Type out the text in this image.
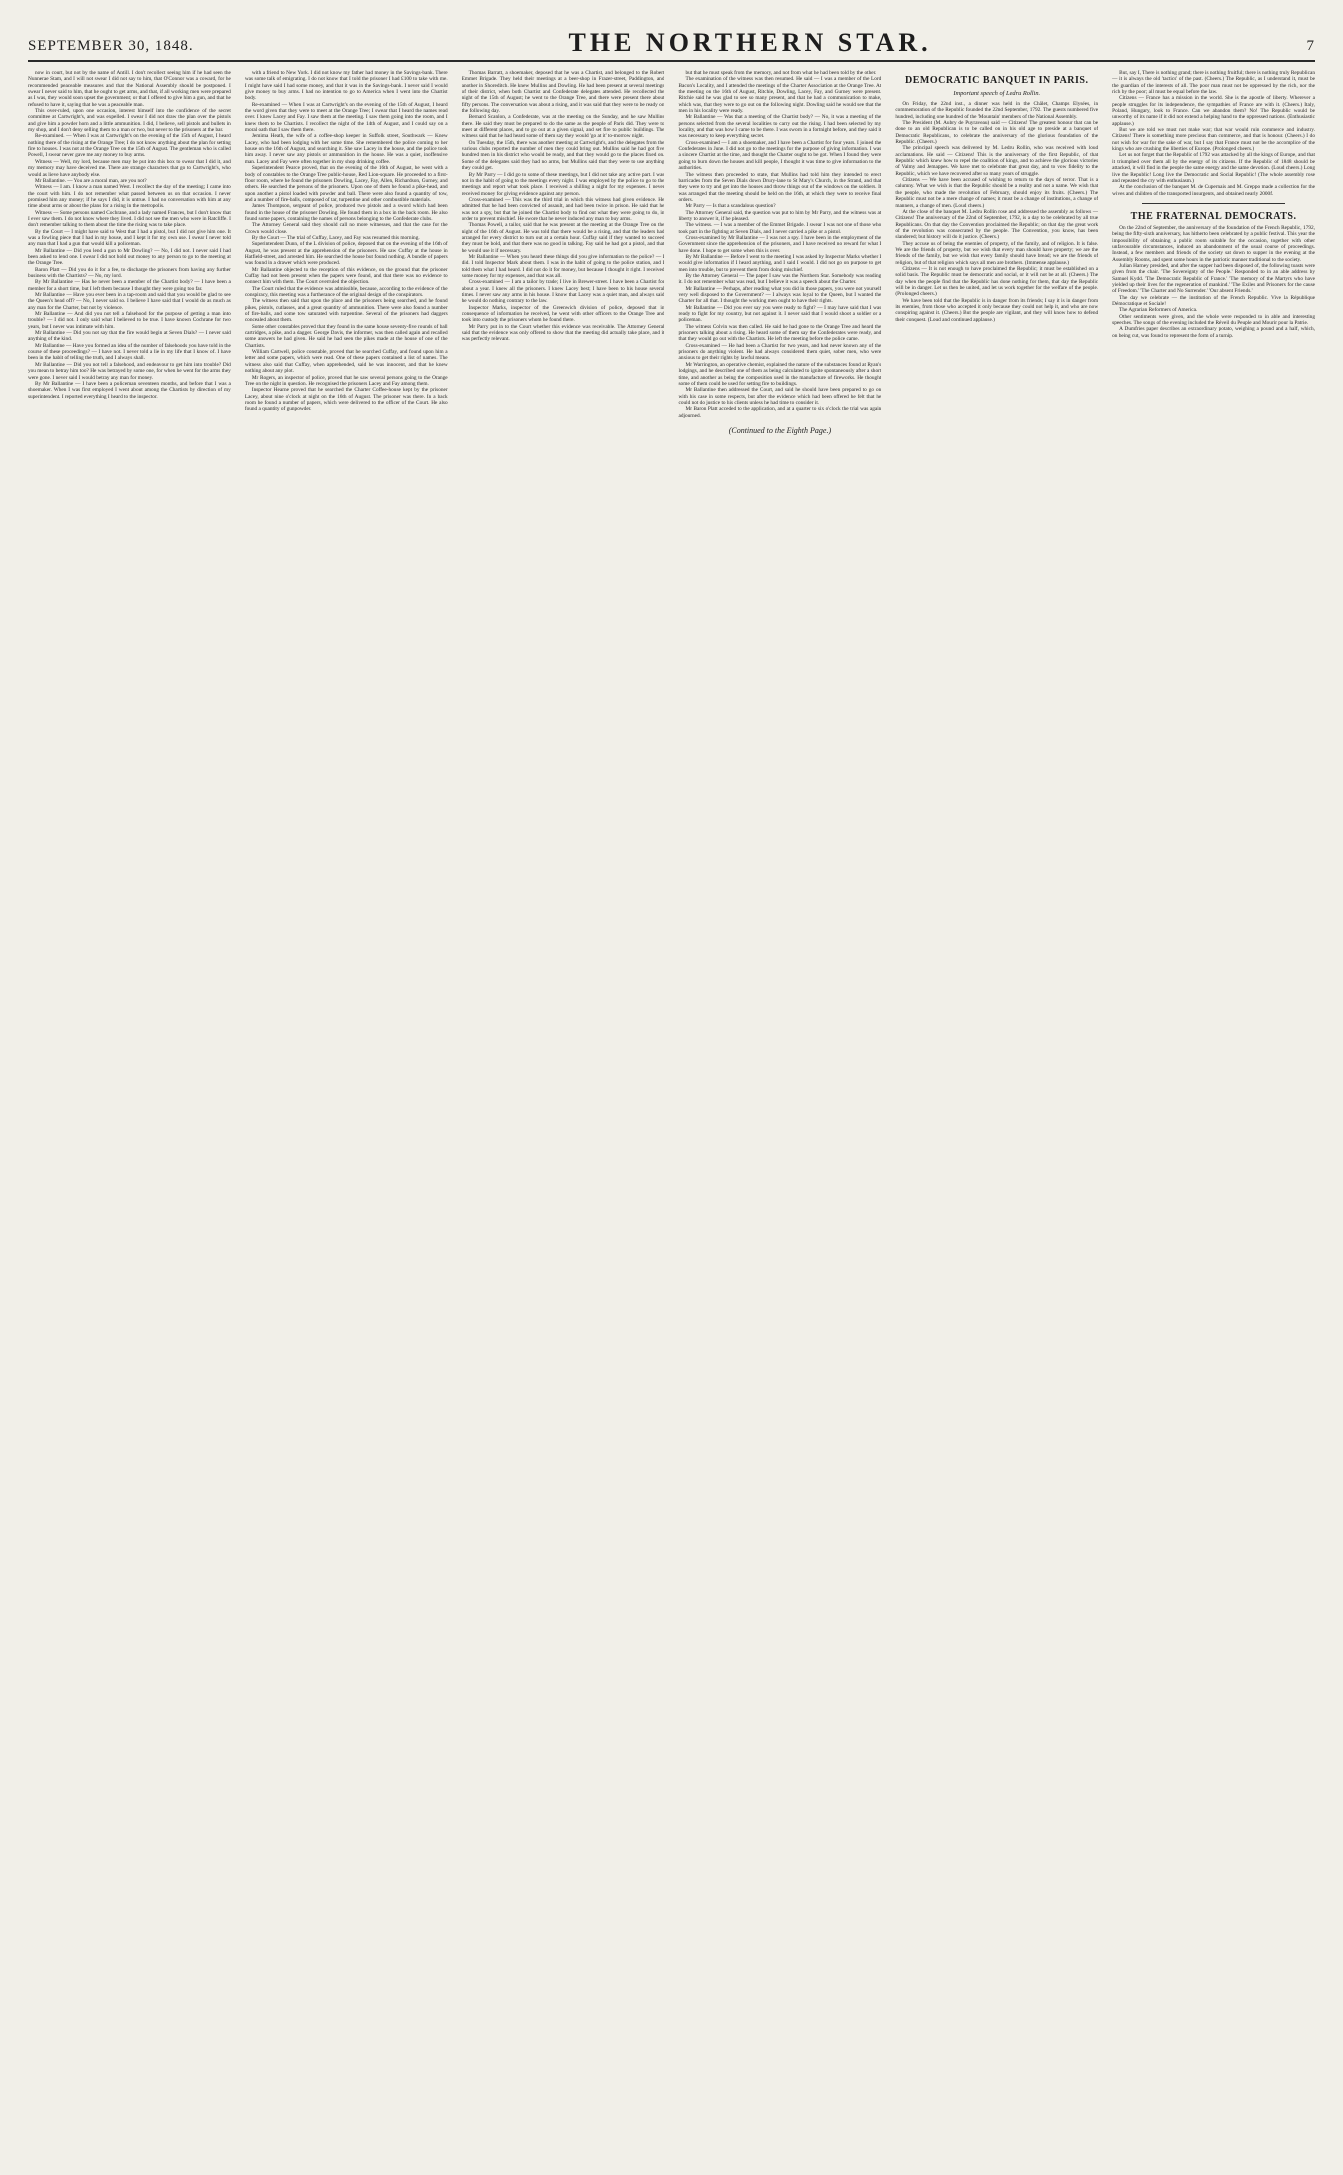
SEPTEMBER 30, 1848.	THE NORTHERN STAR.	7

now in court, but not by the name of Antill. I don't recollect seeing him if he had seen the Nunnerae Stam, and I will not swear I did not say to him, that O'Connor was a coward, for he recommended peaceable measures and that the National Assembly should be postponed. I swear I never said to him, that he ought to get arms, and that, if all working men were prepared as I was, they would soon upset the government; or that I offered to give him a gun, and that he refused to have it, saying that he was a peaceable man.

This over-ruled, upon one occasion, interest himself into the confidence of the secret committee at Cartwright's, and was expelled. I swear I did not draw the plan over the pistols and give him a powder horn and a little ammunition. I did, I believe, sell pistols and bullets in my shop, and I don't deny selling them to a man or two, but never to the prisoners at the bar.

Re-examined. — When I was at Cartwright's on the evening of the 15th of August, I heard nothing there of the rising at the Orange Tree; I do not know anything about the plan for setting fire to houses. I was not at the Orange Tree on the 15th of August. The gentleman who is called Powell, I swear never gave me any money to buy arms.

Witness — Well, my lord, because men may be put into this box to swear that I did it, and my memory may have deceived me. There are strange characters that go to Cartwright's, who would as lieve have anybody else.

Mr Ballantine. — You are a moral man, are you not?

Witness — I am. I know a man named West. I recollect the day of the meeting; I came into the court with him. I do not remember what passed between us on that occasion. I never promised him any money; if he says I did, it is untrue. I had no conversation with him at any time about arms or about the plans for a rising in the metropolis.

Witness — Some persons named Cochrane, and a lady named Frances, but I don't know that I ever saw them. I do not know where they lived. I did not see the men who were in Ratcliffe. I don't remember talking to them about the time the rising was to take place.

By the Court — I might have said to West that I had a pistol, but I did not give him one. It was a fowling piece that I had in my house, and I kept it for my own use. I swear I never told any man that I had a gun that would kill a policeman.

Mr Ballantine — Did you lend a gun to Mr Dowling? — No, I did not. I never said I had been asked to lend one. I swear I did not hold out money to any person to go to the meeting at the Orange Tree.

Baron Platt — Did you do it for a fee, to discharge the prisoners from having any further business with the Chartists? — No, my lord.

By Mr Ballantine — Has he never been a member of the Chartist body? — I have been a member for a short time, but I left them because I thought they were going too far.

Mr Ballantine — Have you ever been in a tap-room and said that you would be glad to see the Queen's head off? — No, I never said so. I believe I have said that I would do as much as any man for the Charter, but not by violence.

Mr Ballantine — And did you not tell a falsehood for the purpose of getting a man into trouble? — I did not. I only said what I believed to be true. I have known Cochrane for two years, but I never was intimate with him.

Mr Ballantine — Did you not say that the fire would begin at Seven Dials? — I never said anything of the kind.

Mr Ballantine — Have you formed an idea of the number of falsehoods you have told in the course of these proceedings? — I have not. I never told a lie in my life that I know of. I have been in the habit of telling the truth, and I always shall.

Mr Ballantine — Did you not tell a falsehood, and endeavour to get him into trouble? Did you mean to betray him too? He was betrayed by some one, for when he went for the arms they were gone. I never said I would betray any man for money.

By Mr Ballantine — I have been a policeman seventeen months, and before that I was a shoemaker. When I was first employed I went about among the Chartists by direction of my superintendent. I reported everything I heard to the inspector.

with a friend to New York. I did not know my father had money in the Savings-bank. There was some talk of emigrating. I do not know that I told the prisoner I had £100 to take with me. I might have said I had some money, and that it was in the Savings-bank. I never said I would give money to buy arms. I had no intention to go to America when I went into the Chartist body.

Re-examined — When I was at Cartwright's on the evening of the 15th of August, I heard the word given that they were to meet at the Orange Tree; I swear that I heard the names read over. I knew Lacey and Fay. I saw them at the meeting. I saw them going into the room, and I knew them to be Chartists. I recollect the night of the 14th of August, and I could say on a moral oath that I saw them there.

Jemima Heath, the wife of a coffee-shop keeper in Suffolk street, Southwark — Knew Lacey, who had been lodging with her some time. She remembered the police coming to her house on the 16th of August, and searching it. She saw Lacey in the house, and the police took him away. I never saw any pistols or ammunition in the house. He was a quiet, inoffensive man. Lacey and Fay were often together in my shop drinking coffee.

Superintendent Pearce proved, that on the evening of the 16th of August, he went with a body of constables to the Orange Tree public-house, Red Lion-square. He proceeded to a first-floor room, where he found the prisoners Dowling, Lacey, Fay, Allen, Richardson, Gurney, and others. He searched the persons of the prisoners. Upon one of them he found a pike-head, and upon another a pistol loaded with powder and ball. There were also found a quantity of tow, and a number of fire-balls, composed of tar, turpentine and other combustible materials.

James Thompson, sergeant of police, produced two pistols and a sword which had been found in the house of the prisoner Dowling. He found them in a box in the back room. He also found some papers, containing the names of persons belonging to the Confederate clubs.

The Attorney General said they should call no more witnesses, and that the case for the Crown would close.

By the Court — The trial of Cuffay, Lacey, and Fay was resumed this morning.

Superintendent Dunn, of the L division of police, deposed that on the evening of the 16th of August, he was present at the apprehension of the prisoners. He saw Cuffay at the house in Hatfield-street, and arrested him. He searched the house but found nothing. A bundle of papers was found in a drawer which were produced.

Mr Ballantine objected to the reception of this evidence, on the ground that the prisoner Cuffay had not been present when the papers were found, and that there was no evidence to connect him with them. The Court overruled the objection.

The Court ruled that the evidence was admissible, because, according to the evidence of the conspiracy, this meeting was a furtherance of the original design of the conspirators.

The witness then said that upon the place and the prisoners being searched, and he found pikes, pistols, cutlasses, and a great quantity of ammunition. There were also found a number of fire-balls, and some tow saturated with turpentine. Several of the prisoners had daggers concealed about them.

Some other constables proved that they found in the same house seventy-five rounds of ball cartridges, a pike, and a dagger. George Davis, the informer, was then called again and recalled some answers he had given. He said he had seen the pikes made at the house of one of the Chartists.

William Cartwell, police constable, proved that he searched Cuffay, and found upon him a letter and some papers, which were read. One of these papers contained a list of names. The witness also said that Cuffay, when apprehended, said he was innocent, and that he knew nothing about any plot.

Mr Rogers, an inspector of police, proved that he saw several persons going to the Orange Tree on the night in question. He recognised the prisoners Lacey and Fay among them.

Inspector Hearne proved that he searched the Charter Coffee-house kept by the prisoner Lacey, about nine o'clock at night on the 16th of August. The prisoner was there. In a back room he found a number of papers, which were delivered to the officer of the Court. He also found a quantity of gunpowder.

Thomas Barratt, a shoemaker, deposed that he was a Chartist, and belonged to the Robert Emmet Brigade. They held their meetings at a beer-shop in Frazer-street, Paddington, and another in Shoreditch. He knew Mullins and Dowling. He had been present at several meetings of their district, when both Chartist and Confederate delegates attended. He recollected the night of the 15th of August; he went to the Orange Tree, and there were present there about fifty persons. The conversation was about a rising, and it was said that they were to be ready on the following day.

Bernard Scanlon, a Confederate, was at the meeting on the Sunday, and he saw Mullins there. He said they must be prepared to do the same as the people of Paris did. They were to meet at different places, and to go out at a given signal, and set fire to public buildings. The witness said that he had heard some of them say they would 'go at it' to-morrow night.

On Tuesday, the 15th, there was another meeting at Cartwright's, and the delegates from the various clubs reported the number of men they could bring out. Mullins said he had got five hundred men in his district who would be ready, and that they would go to the places fixed on. Some of the delegates said they had no arms, but Mullins said that they were to use anything they could get.

By Mr Parry — I did go to some of these meetings, but I did not take any active part. I was not in the habit of going to the meetings every night. I was employed by the police to go to the meetings and report what took place. I received a shilling a night for my expenses. I never received money for giving evidence against any person.

Cross-examined — This was the third trial in which this witness had given evidence. He admitted that he had been convicted of assault, and had been twice in prison. He said that he was not a spy, but that he joined the Chartist body to find out what they were going to do, in order to prevent mischief. He swore that he never induced any man to buy arms.

Thomas Powell, a tailor, said that he was present at the meeting at the Orange Tree on the night of the 16th of August. He was told that there would be a rising, and that the leaders had arranged for every district to turn out at a certain hour. Cuffay said if they wanted to succeed they must be bold, and that there was no good in talking. Fay said he had got a pistol, and that he would use it if necessary.

Mr Ballantine — When you heard these things did you give information to the police? — I did. I told Inspector Mark about them. I was in the habit of going to the police station, and I told them what I had heard. I did not do it for money, but because I thought it right. I received some money for my expenses, and that was all.

Cross-examined — I am a tailor by trade; I live in Brewer-street. I have been a Chartist for about a year. I knew all the prisoners. I knew Lacey best; I have been to his house several times. I never saw any arms in his house. I know that Lacey was a quiet man, and always said he would do nothing contrary to the law.

Inspector Marks, inspector of the Greenwich division of police, deposed that in consequence of information he received, he went with other officers to the Orange Tree and took into custody the prisoners whom he found there.

Mr Parry put in to the Court whether this evidence was receivable. The Attorney General said that the evidence was only offered to show that the meeting did actually take place, and it was perfectly relevant.

but that he must speak from the memory, and not from what he had been told by the other.

The examination of the witness was then resumed. He said — I was a member of the Lord Bacon's Locality, and I attended the meetings of the Charter Association at the Orange Tree. At the meeting on the 16th of August, Ritchie, Dowling, Lacey, Fay, and Gurney were present. Ritchie said he was glad to see so many present, and that he had a communication to make, which was, that they were to go out on the following night. Dowling said he would see that the men in his locality were ready.

Mr Ballantine — Was that a meeting of the Chartist body? — No, it was a meeting of the persons selected from the several localities to carry out the rising. I had been selected by my locality, and that was how I came to be there. I was sworn in a fortnight before, and they said it was necessary to keep everything secret.

Cross-examined — I am a shoemaker, and I have been a Chartist for four years. I joined the Confederates in June. I did not go to the meetings for the purpose of giving information. I was a sincere Chartist at the time, and thought the Charter ought to be got. When I found they were going to burn down the houses and kill people, I thought it was time to give information to the authorities.

The witness then proceeded to state, that Mullins had told him they intended to erect barricades from the Seven Dials down Drury-lane to St Mary's Church, in the Strand, and that they were to try and get into the houses and throw things out of the windows on the soldiers. It was arranged that the meeting should be held on the 16th, at which they were to receive final orders.

Mr Parry — Is that a scandalous question?

The Attorney General said, the question was put to him by Mr Parry, and the witness was at liberty to answer it, if he pleased.

The witness. — I was a member of the Emmet Brigade. I swear I was not one of those who took part in the fighting at Seven Dials, and I never carried a pike or a pistol.

Cross-examined by Mr Ballantine — I was not a spy. I have been in the employment of the Government since the apprehension of the prisoners, and I have received no reward for what I have done. I hope to get some when this is over.

By Mr Ballantine — Before I went to the meeting I was asked by Inspector Marks whether I would give information if I heard anything, and I said I would. I did not go on purpose to get men into trouble, but to prevent them from doing mischief.

By the Attorney General — The paper I saw was the Northern Star. Somebody was reading it. I do not remember what was read, but I believe it was a speech about the Charter.

Mr Ballantine — Perhaps, after reading what you did in those papers, you were not yourself very well disposed to the Government? — I always was loyal to the Queen, but I wanted the Charter for all that. I thought the working men ought to have their rights.

Mr Ballantine — Did you ever say you were ready to fight? — I may have said that I was ready to fight for my country, but not against it. I never said that I would shoot a soldier or a policeman.

The witness Colvin was then called. He said he had gone to the Orange Tree and heard the prisoners talking about a rising. He heard some of them say the Confederates were ready, and that they would go out with the Chartists. He left the meeting before the police came.

Cross-examined — He had been a Chartist for two years, and had never known any of the prisoners do anything violent. He had always considered them quiet, sober men, who were anxious to get their rights by lawful means.

Mr Warrington, an operative chemist, explained the nature of the substances found at Ryan's lodgings, and he described one of them as being calculated to ignite spontaneously after a short time, and another as being the composition used in the manufacture of fireworks. He thought some of them could be used for setting fire to buildings.

Mr Ballantine then addressed the Court, and said he should have been prepared to go on with his case in some respects, but after the evidence which had been offered he felt that he could not do justice to his clients unless he had time to consider it.

Mr Baron Platt acceded to the application, and at a quarter to six o'clock the trial was again adjourned.

(Continued to the Eighth Page.)
DEMOCRATIC BANQUET IN PARIS.
Important speech of Ledru Rollin.

On Friday, the 22nd inst., a dinner was held in the Châlet, Champs Elysées, in commemoration of the Republic founded the 22nd September, 1792. The guests numbered five hundred, including one hundred of the 'Mountain' members of the National Assembly.

The President (M. Aubry de Puyraveau) said — Citizens! The greatest honour that can be done to an old Republican is to be called on in his old age to preside at a banquet of Democratic Republicans, to celebrate the anniversary of the glorious foundation of the Republic. (Cheers.)

The principal speech was delivered by M. Ledru Rollin, who was received with loud acclamations. He said — Citizens! This is the anniversary of the first Republic, of that Republic which knew how to repel the coalition of kings, and to achieve the glorious victories of Valmy and Jemappes. We have met to celebrate that great day, and to vow fidelity to the Republic, which we have recovered after so many years of struggle.

Citizens — We have been accused of wishing to return to the days of terror. That is a calumny. What we wish is that the Republic should be a reality and not a name. We wish that the people, who made the revolution of February, should enjoy its fruits. (Cheers.) The Republic must not be a mere change of names; it must be a change of institutions, a change of manners, a change of men. (Loud cheers.)

At the close of the banquet M. Ledru Rollin rose and addressed the assembly as follows — Citizens! The anniversary of the 22nd of September, 1792, is a day to be celebrated by all true Republicans. On that day the Convention proclaimed the Republic; on that day the great work of the revolution was consecrated by the people. The Convention, you know, has been slandered; but history will do it justice. (Cheers.)

They accuse us of being the enemies of property, of the family, and of religion. It is false. We are the friends of property, but we wish that every man should have property; we are the friends of the family, but we wish that every family should have bread; we are the friends of religion, but of that religion which says all men are brothers. (Immense applause.)

Citizens — It is not enough to have proclaimed the Republic; it must be established on a solid basis. The Republic must be democratic and social, or it will not be at all. (Cheers.) The day when the people find that the Republic has done nothing for them, that day the Republic will be in danger. Let us then be united, and let us work together for the welfare of the people. (Prolonged cheers.)

We have been told that the Republic is in danger from its friends; I say it is in danger from its enemies, from those who accepted it only because they could not help it, and who are now conspiring against it. (Cheers.) But the people are vigilant, and they will know how to defend their conquest. (Loud and continued applause.)

But, say I, There is nothing grand; there is nothing fruitful; there is nothing truly Republican — it is always the old 'tactics' of the past. (Cheers.) The Republic, as I understand it, must be the guardian of the interests of all. The poor man must not be oppressed by the rich, nor the rich by the poor; all must be equal before the law.

Citizens — France has a mission in the world. She is the apostle of liberty. Wherever a people struggles for its independence, the sympathies of France are with it. (Cheers.) Italy, Poland, Hungary, look to France. Can we abandon them? No! The Republic would be unworthy of its name if it did not extend a helping hand to the oppressed nations. (Enthusiastic applause.)

But we are told we must not make war; that war would ruin commerce and industry. Citizens! There is something more precious than commerce, and that is honour. (Cheers.) I do not wish for war for the sake of war, but I say that France must not be the accomplice of the kings who are crushing the liberties of Europe. (Prolonged cheers.)

Let us not forget that the Republic of 1792 was attacked by all the kings of Europe, and that it triumphed over them all by the energy of its citizens. If the Republic of 1848 should be attacked, it will find in the people the same energy and the same devotion. (Loud cheers.) Long live the Republic! Long live the Democratic and Social Republic! (The whole assembly rose and repeated the cry with enthusiasm.)

At the conclusion of the banquet M. de Cupernais and M. Greppo made a collection for the wives and children of the transported insurgents, and obtained nearly 2000f.

THE FRATERNAL DEMOCRATS.

On the 22nd of September, the anniversary of the foundation of the French Republic, 1792, being the fifty-sixth anniversary, has hitherto been celebrated by a public festival. This year the impossibility of obtaining a public room suitable for the occasion, together with other unfavourable circumstances, induced an abandonment of the usual course of proceedings. Instead, a few members and friends of the society sat down to supper in the evening at the Assembly Rooms, and spent some hours in the patriotic manner traditional to the society.

Julian Harney presided, and after the supper had been disposed of, the following toasts were given from the chair. 'The Sovereignty of the People.' Responded to in an able address by Samuel Kydd. 'The Democratic Republic of France.' 'The memory of the Martyrs who have yielded up their lives for the regeneration of mankind.' 'The Exiles and Prisoners for the cause of Freedom.' 'The Charter and No Surrender.' 'Our absent Friends.'

The day we celebrate — the institution of the French Republic. Vive la République Démocratique et Sociale!

The Agrarian Reformers of America.

Other sentiments were given, and the whole were responded to in able and interesting speeches. The songs of the evening included the Réveil du Peuple and Mourir pour la Patrie.

A Dumfries paper describes an extraordinary potato, weighing a pound and a half, which, on being cut, was found to represent the form of a turnip.
